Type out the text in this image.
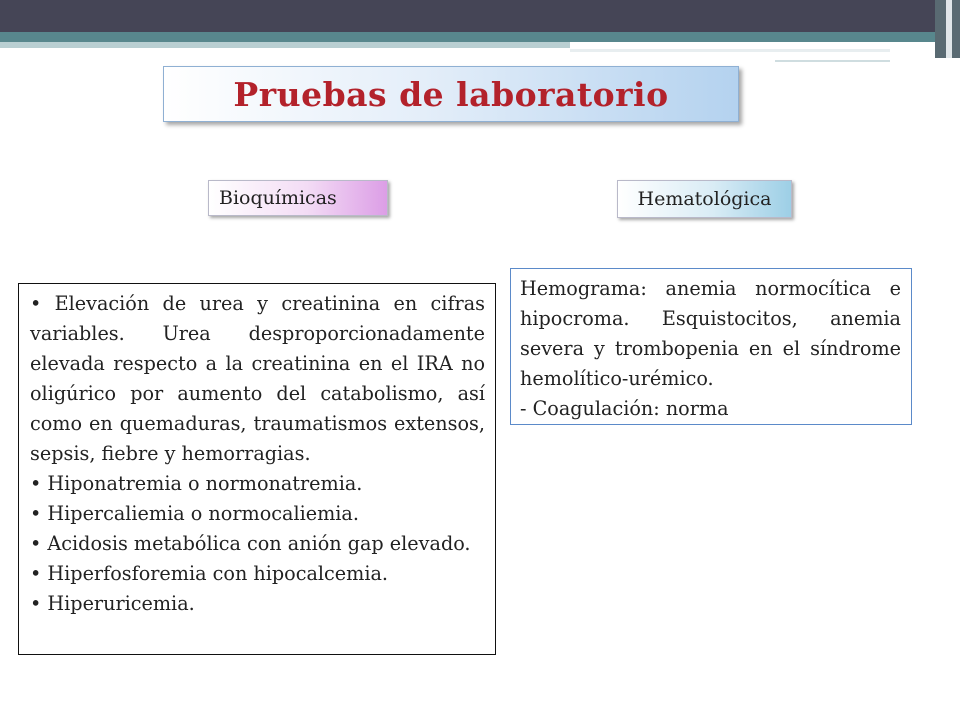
Pruebas de laboratorio
Bioquímicas	Hematológica

• Elevación de urea y creatinina en cifras variables. Urea desproporcionadamente elevada respecto a la creatinina en el IRA no oligúrico por aumento del catabolismo, así como en quemaduras, traumatismos extensos, sepsis, fiebre y hemorragias.

• Hiponatremia o normonatremia.

• Hipercaliemia o normocaliemia.

• Acidosis metabólica con anión gap elevado.

• Hiperfosforemia con hipocalcemia.

• Hiperuricemia.

Hemograma: anemia normocítica e hipocroma. Esquistocitos, anemia severa y trombopenia en el síndrome hemolítico-urémico.

- Coagulación: norma
